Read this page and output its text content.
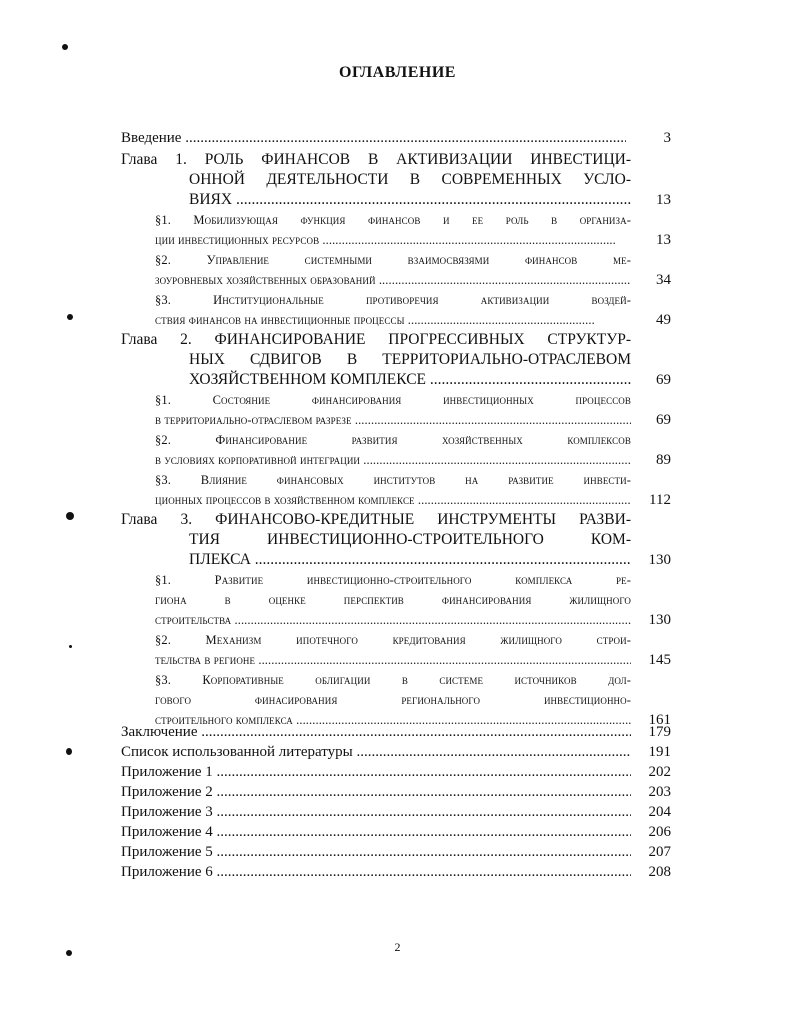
ОГЛАВЛЕНИЕ
Введение .....	3
Глава 1. РОЛЬ ФИНАНСОВ В АКТИВИЗАЦИИ ИНВЕСТИЦИ-
ОННОЙ ДЕЯТЕЛЬНОСТИ В СОВРЕМЕННЫХ УСЛО-
ВИЯХ .....	13
§1. Мобилизующая функция финансов и ее роль в организа-
ции инвестиционных ресурсов .....	13
§2. Управление системными взаимосвязями финансов ме-
зоуровневых хозяйственных образований .....	34
§3. Институциональные противоречия активизации воздей-
ствия финансов на инвестиционные процессы .....	49
Глава 2. ФИНАНСИРОВАНИЕ ПРОГРЕССИВНЫХ СТРУКТУР-
НЫХ СДВИГОВ В ТЕРРИТОРИАЛЬНО-ОТРАСЛЕВОМ
ХОЗЯЙСТВЕННОМ КОМПЛЕКСЕ .....	69
§1. Состояние финансирования инвестиционных процессов
в территориально-отраслевом разрезе .....	69
§2. Финансирование развития хозяйственных комплексов
в условиях корпоративной интеграции .....	89
§3. Влияние финансовых институтов на развитие инвести-
ционных процессов в хозяйственном комплексе .....	112
Глава 3. ФИНАНСОВО-КРЕДИТНЫЕ ИНСТРУМЕНТЫ РАЗВИ-
ТИЯ ИНВЕСТИЦИОННО-СТРОИТЕЛЬНОГО КОМ-
ПЛЕКСА .....	130
§1. Развитие инвестиционно-строительного комплекса ре-
гиона в оценке перспектив финансирования жилищного
строительства .....	130
§2. Механизм ипотечного кредитования жилищного строи-
тельства в регионе .....	145
§3. Корпоративные облигации в системе источников дол-
гового финасирования регионального инвестиционно-
строительного комплекса .....	161
Заключение .....	179
Список использованной литературы .....	191
Приложение 1 .....	202
Приложение 2 .....	203
Приложение 3 .....	204
Приложение 4 .....	206
Приложение 5 .....	207
Приложение 6 .....	208
2
